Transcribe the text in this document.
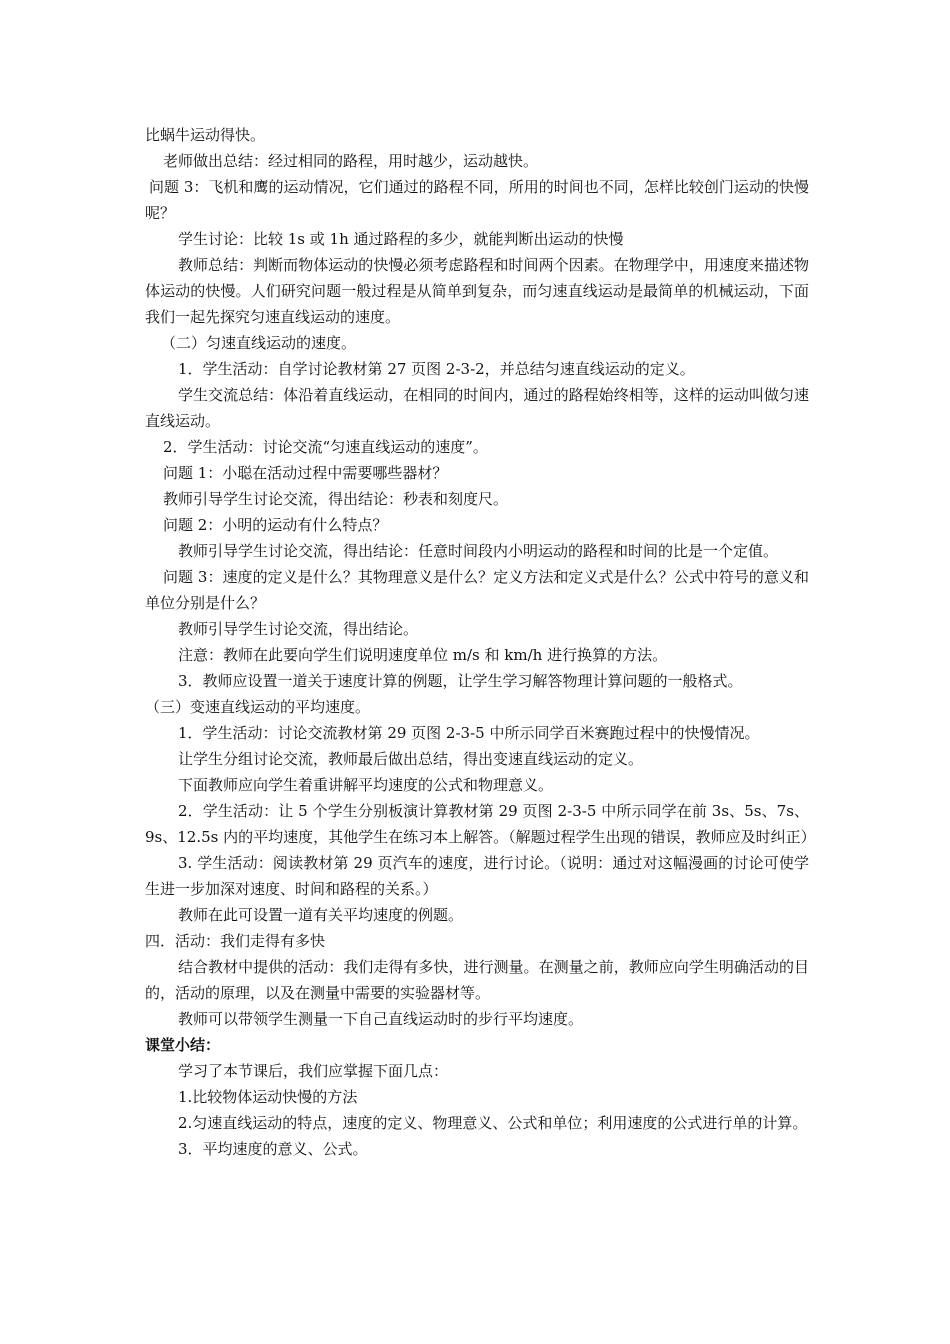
比蜗牛运动得快。
老师做出总结：经过相同的路程，用时越少，运动越快。
问题 3：飞机和鹰的运动情况，它们通过的路程不同，所用的时间也不同，怎样比较创门运动的快慢呢？
学生讨论：比较 1s 或 1h 通过路程的多少，就能判断出运动的快慢
教师总结：判断而物体运动的快慢必须考虑路程和时间两个因素。在物理学中，用速度来描述物体运动的快慢。人们研究问题一般过程是从简单到复杂，而匀速直线运动是最简单的机械运动，下面我们一起先探究匀速直线运动的速度。
（二）匀速直线运动的速度。
1．学生活动：自学讨论教材第 27 页图 2-3-2，并总结匀速直线运动的定义。
学生交流总结：体沿着直线运动，在相同的时间内，通过的路程始终相等，这样的运动叫做匀速直线运动。
2．学生活动：讨论交流“匀速直线运动的速度”。
问题 1：小聪在活动过程中需要哪些器材？
教师引导学生讨论交流，得出结论：秒表和刻度尺。
问题 2：小明的运动有什么特点？
教师引导学生讨论交流，得出结论：任意时间段内小明运动的路程和时间的比是一个定值。
问题 3：速度的定义是什么？其物理意义是什么？定义方法和定义式是什么？公式中符号的意义和单位分别是什么？
教师引导学生讨论交流，得出结论。
注意：教师在此要向学生们说明速度单位 m/s 和 km/h 进行换算的方法。
3．教师应设置一道关于速度计算的例题，让学生学习解答物理计算问题的一般格式。
（三）变速直线运动的平均速度。
1．学生活动：讨论交流教材第 29 页图 2-3-5 中所示同学百米赛跑过程中的快慢情况。
让学生分组讨论交流，教师最后做出总结，得出变速直线运动的定义。
下面教师应向学生着重讲解平均速度的公式和物理意义。
2．学生活动：让 5 个学生分别板演计算教材第 29 页图 2-3-5 中所示同学在前 3s、5s、7s、9s、12.5s 内的平均速度，其他学生在练习本上解答。（解题过程学生出现的错误，教师应及时纠正）
3. 学生活动：阅读教材第 29 页汽车的速度，进行讨论。（说明：通过对这幅漫画的讨论可使学生进一步加深对速度、时间和路程的关系。）
教师在此可设置一道有关平均速度的例题。
四．活动：我们走得有多快
结合教材中提供的活动：我们走得有多快，进行测量。在测量之前，教师应向学生明确活动的目的，活动的原理，以及在测量中需要的实验器材等。
教师可以带领学生测量一下自己直线运动时的步行平均速度。
课堂小结：
学习了本节课后，我们应掌握下面几点：
1.比较物体运动快慢的方法
2.匀速直线运动的特点，速度的定义、物理意义、公式和单位；利用速度的公式进行单的计算。
3．平均速度的意义、公式。
